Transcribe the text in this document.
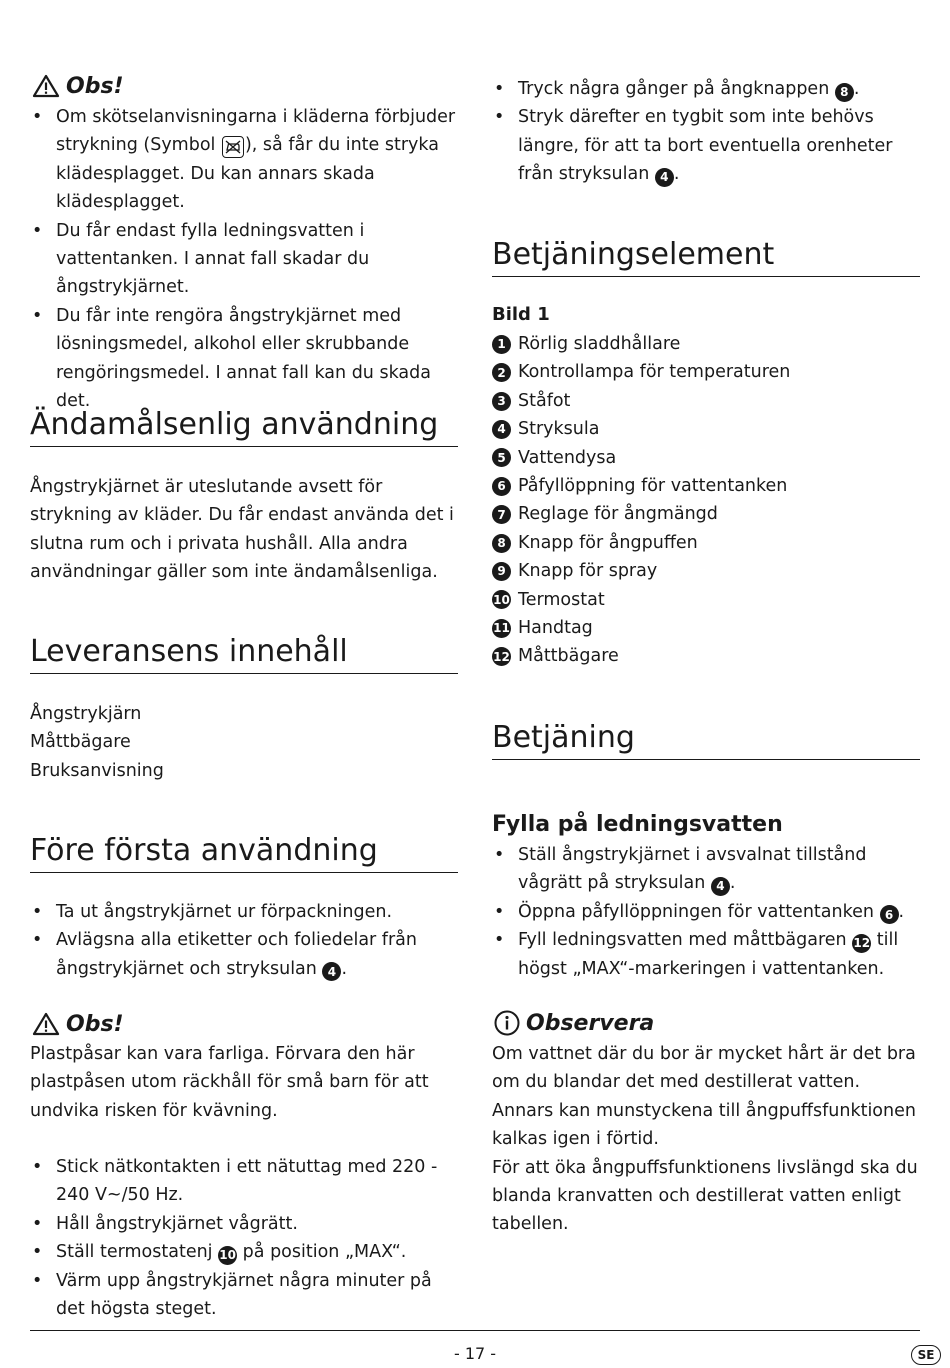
Obs!
• Om skötselanvisningarna i kläderna förbjuder strykning (Symbol
), så får du inte stryka klädesplagget. Du kan annars skada klädesplagget.
• Du får endast fylla ledningsvatten i vattentanken. I annat fall skadar du ångstrykjärnet.
• Du får inte rengöra ångstrykjärnet med lösningsmedel, alkohol eller skrubbande rengöringsmedel. I annat fall kan du skada det.
Ändamålsenlig användning
Ångstrykjärnet är uteslutande avsett för strykning av kläder. Du får endast använda det i slutna rum och i privata hushåll. Alla andra användningar gäller som inte ändamålsenliga.
Leveransens innehåll
Ångstrykjärn
Måttbägare
Bruksanvisning
Före första användning
• Ta ut ångstrykjärnet ur förpackningen.
• Avlägsna alla etiketter och foliedelar från ångstrykjärnet och stryksulan 4 .
Obs!
Plastpåsar kan vara farliga. Förvara den här plastpåsen utom räckhåll för små barn för att undvika risken för kvävning.
• Stick nätkontakten i ett nätuttag med 220 - 240 V~/50 Hz.
• Håll ångstrykjärnet vågrätt.
• Ställ termostatenj 10 på position „MAX“.
• Värm upp ångstrykjärnet några minuter på det högsta steget.
• Tryck några gånger på ångknappen 8 .
• Stryk därefter en tygbit som inte behövs längre, för att ta bort eventuella orenheter från stryksulan 4 .
Betjäningselement
Bild 1
1 Rörlig sladdhållare
2 Kontrollampa för temperaturen
3 Ståfot
4 Stryksula
5 Vattendysa
6 Påfyllöppning för vattentanken
7 Reglage för ångmängd
8 Knapp för ångpuffen
9 Knapp för spray
10 Termostat
11 Handtag
12 Måttbägare
Betjäning
Fylla på ledningsvatten
• Ställ ångstrykjärnet i avsvalnat tillstånd vågrätt på stryksulan 4 .
• Öppna påfyllöppningen för vattentanken 6 .
• Fyll ledningsvatten med måttbägaren 12 till högst „MAX“-markeringen i vattentanken.
Observera
Om vattnet där du bor är mycket hårt är det bra om du blandar det med destillerat vatten. Annars kan munstyckena till ångpuffsfunktionen kalkas igen i förtid.
För att öka ångpuffsfunktionens livslängd ska du blanda kranvatten och destillerat vatten enligt tabellen.
- 17 -	SE
